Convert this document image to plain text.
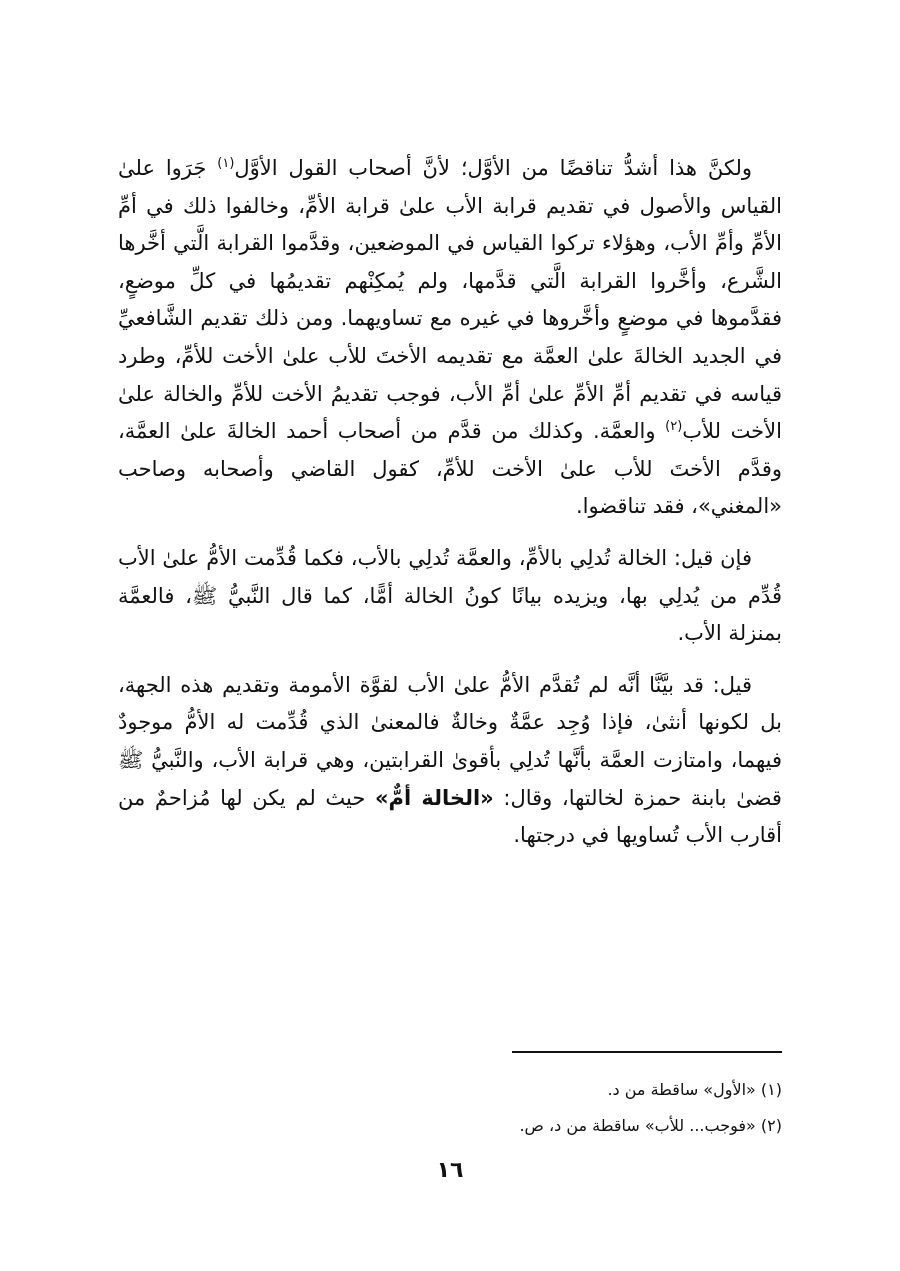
ولكنَّ هذا أشدُّ تناقضًا من الأوَّل؛ لأنَّ أصحاب القول الأوَّل$^{(١)}$ جَرَوا علىٰ القياس والأصول في تقديم قرابة الأب علىٰ قرابة الأمِّ، وخالفوا ذلك في أمِّ الأمِّ وأمِّ الأب، وهؤلاء تركوا القياس في الموضعين، وقدَّموا القرابة الَّتي أخَّرها الشَّرع، وأخَّروا القرابة الَّتي قدَّمها، ولم يُمكِنْهم تقديمُها في كلِّ موضعٍ، فقدَّموها في موضعٍ وأخَّروها في غيره مع تساويهما. ومن ذلك تقديم الشَّافعيِّ في الجديد الخالةَ علىٰ العمَّة مع تقديمه الأختَ للأب علىٰ الأخت للأمِّ، وطرد قياسه في تقديم أمِّ الأمِّ علىٰ أمِّ الأب، فوجب تقديمُ الأخت للأمِّ والخالة علىٰ الأخت للأب$^{(٢)}$ والعمَّة. وكذلك من قدَّم من أصحاب أحمد الخالةَ علىٰ العمَّة، وقدَّم الأختَ للأب علىٰ الأخت للأمِّ، كقول القاضي وأصحابه وصاحب «المغني»، فقد تناقضوا.

فإن قيل: الخالة تُدلِي بالأمِّ، والعمَّة تُدلِي بالأب، فكما قُدِّمت الأمُّ علىٰ الأب قُدِّم من يُدلِي بها، ويزيده بيانًا كونُ الخالة أمًّا، كما قال النَّبيُّ ﷺ، فالعمَّة بمنزلة الأب.

قيل: قد بيَّنَّا أنَّه لم تُقدَّم الأمُّ علىٰ الأب لقوَّة الأمومة وتقديم هذه الجهة، بل لكونها أنثىٰ، فإذا وُجِد عمَّةٌ وخالةٌ فالمعنىٰ الذي قُدِّمت له الأمُّ موجودٌ فيهما، وامتازت العمَّة بأنَّها تُدلِي بأقوىٰ القرابتين، وهي قرابة الأب، والنَّبيُّ ﷺ قضىٰ بابنة حمزة لخالتها، وقال: «الخالة أمٌّ» حيث لم يكن لها مُزاحمٌ من أقارب الأب تُساويها في درجتها.

(١) «الأول» ساقطة من د.
(٢) «فوجب... للأب» ساقطة من د، ص.
١٦
